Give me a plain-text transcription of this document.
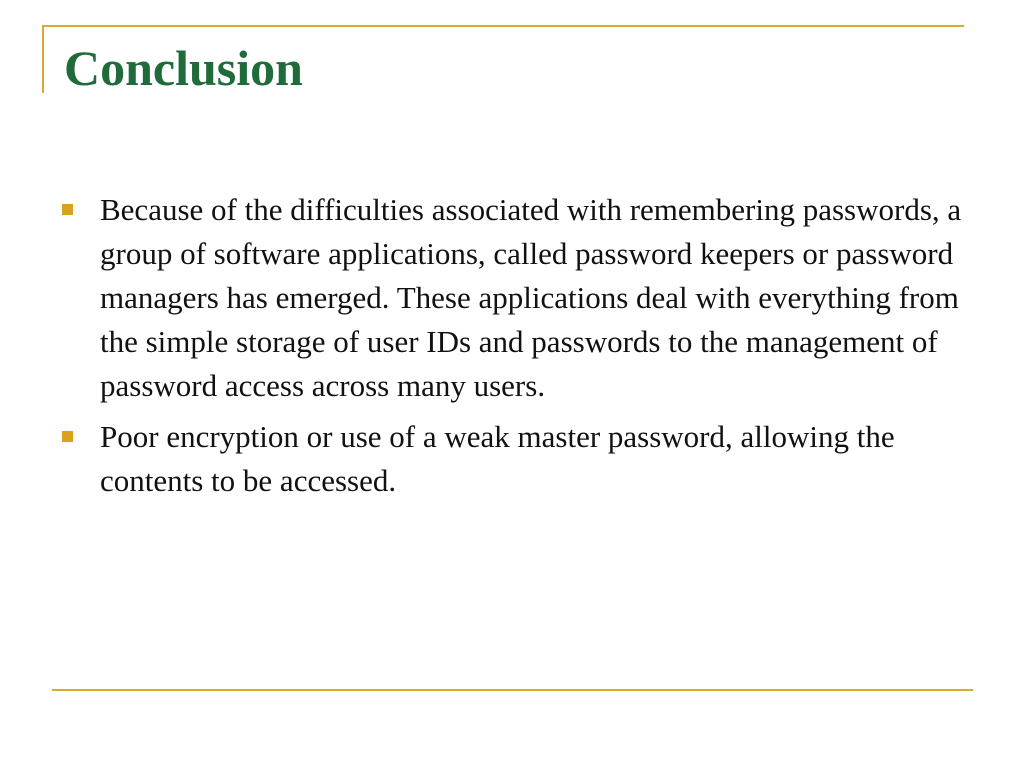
Conclusion
Because of the difficulties associated with remembering passwords, a group of software applications, called password keepers or password managers has emerged. These applications deal with everything from the simple storage of user IDs and passwords to the management of password access across many users.
Poor encryption or use of a weak master password, allowing the contents to be accessed.
